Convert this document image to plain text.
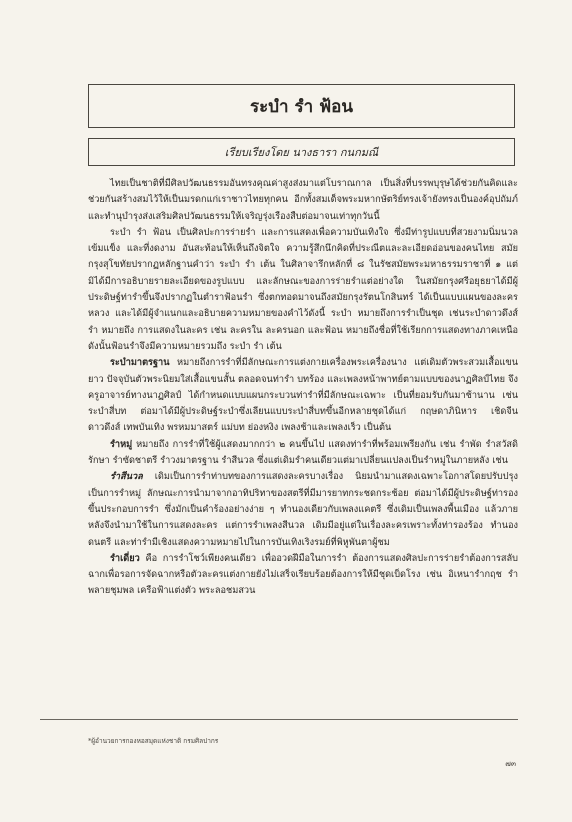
ระบำ รำ ฟ้อน
เรียบเรียงโดย นางธารา กนกมณี

ไทยเป็นชาติที่มีศิลปวัฒนธรรมอันทรงคุณค่าสูงส่งมาแต่โบราณกาล เป็นสิ่งที่บรรพบุรุษได้ช่วยกันคิดและช่วยกันสร้างสมไว้ให้เป็นมรดกแก่เราชาวไทยทุกคน อีกทั้งสมเด็จพระมหากษัตริย์ทรงเจ้ายังทรงเป็นองค์อุปถัมภ์ และทำนุบำรุงส่งเสริมศิลปวัฒนธรรมให้เจริญรุ่งเรืองสืบต่อมาจนเท่าทุกวันนี้

ระบำ รำ ฟ้อน เป็นศิลปะการร่ายรำ และการแสดงเพื่อความบันเทิงใจ ซึ่งมีท่ารูปแบบที่สวยงามนิ่มนวล เข้มแข็ง และที่งดงาม อันสะท้อนให้เห็นถึงจิตใจ ความรู้สึกนึกคิดที่ประณีตและละเอียดอ่อนของคนไทย สมัยกรุงสุโขทัยปรากฏหลักฐานคำว่า ระบำ รำ เต้น ในศิลาจารึกหลักที่ ๘ ในรัชสมัยพระมหาธรรมราชาที่ ๑ แต่มิได้มีการอธิบายรายละเอียดของรูปแบบ และลักษณะของการร่ายรำแต่อย่างใด ในสมัยกรุงศรีอยุธยาได้มีผู้ประดิษฐ์ท่ารำขึ้นจึงปรากฏในตำราฟ้อนรำ ซึ่งตกทอดมาจนถึงสมัยกรุงรัตนโกสินทร์ ได้เป็นแบบแผนของละครหลวง และได้มีผู้จำแนกและอธิบายความหมายของคำไว้ดังนี้ ระบำ หมายถึงการรำเป็นชุด เช่นระบำดาวดึงส์ รำ หมายถึง การแสดงในละคร เช่น ละครใน ละครนอก และฟ้อน หมายถึงชื่อที่ใช้เรียกการแสดงทางภาคเหนือ ดังนั้นฟ้อนรำจึงมีความหมายรวมถึง ระบำ รำ เต้น

ระบำมาตรฐาน หมายถึงการรำที่มีลักษณะการแต่งกายเครื่องพระเครื่องนาง แต่เดิมตัวพระสวมเสื้อแขนยาว ปัจจุบันตัวพระนิยมใส่เสื้อแขนสั้น ตลอดจนท่ารำ บทร้อง และเพลงหน้าพาทย์ตามแบบของนาฏศิลป์ไทย จึงครูอาจารย์ทางนาฏศิลป์ ได้กำหนดแบบแผนกระบวนท่ารำที่มีลักษณะเฉพาะ เป็นที่ยอมรับกันมาช้านาน เช่น ระบำสี่บท ต่อมาได้มีผู้ประดิษฐ์ระบำซึ่งเลียนแบบระบำสี่บทขึ้นอีกหลายชุดได้แก่ กฤษดาภินิหาร เชิดจีน ดาวดึงส์ เทพบันเทิง พรหมมาสตร์ แม่บท ย่องหงิง เพลงช้าและเพลงเร็ว เป็นต้น

รำหมู่ หมายถึง การรำที่ใช้ผู้แสดงมากกว่า ๒ คนขึ้นไป แสดงท่ารำที่พร้อมเพรียงกัน เช่น รำพัด รำสวัสดิรักษา รำซัดชาตรี รำวงมาตรฐาน รำสีนวล ซึ่งแต่เดิมรำคนเดียวแต่มาเปลี่ยนแปลงเป็นรำหมู่ในภายหลัง เช่น

รำสีนวล เดิมเป็นการรำท่าบทของการแสดงละครบางเรื่อง นิยมนำมาแสดงเฉพาะโอกาสโดยปรับปรุงเป็นการรำหมู่ ลักษณะการนำมาจากอาทิปริทาของสตรีที่มีมารยาทกระชดกระช้อย ต่อมาได้มีผู้ประดิษฐ์ท่ารองขึ้นประกอบการรำ ซึ่งมักเป็นคำร้องอย่างง่าย ๆ ทำนองเดียวกับเพลงแคตรี ซึ่งเดิมเป็นเพลงพื้นเมือง แล้วภายหลังจึงนำมาใช้ในการแสดงละคร แต่การรำเพลงสีนวล เดิมมีอยู่แต่ในเรื่องละครเพราะทั้งท่ารองร้อง ทำนองดนตรี และท่ารำมีเชิงแสดงความหมายไปในการบันเทิงเริงรมย์ที่พิหูพันตาผู้ชม

รำเดี่ยว คือ การรำโชว์เพียงคนเดียว เพื่ออวดฝีมือในการรำ ต้องการแสดงศิลปะการร่ายรำต้องการสลับฉากเพื่อรอการจัดฉากหรือตัวละครแต่งกายยังไม่เสร็จเรียบร้อยต้องการให้มีชุดเบ็ดโรง เช่น อิเหนารำกฤช รำพลายชุมพล เครือฟ้าแต่งตัว พระลอชมสวน

*ผู้อำนวยการกองหอสมุดแห่งชาติ กรมศิลปากร
๗๓
